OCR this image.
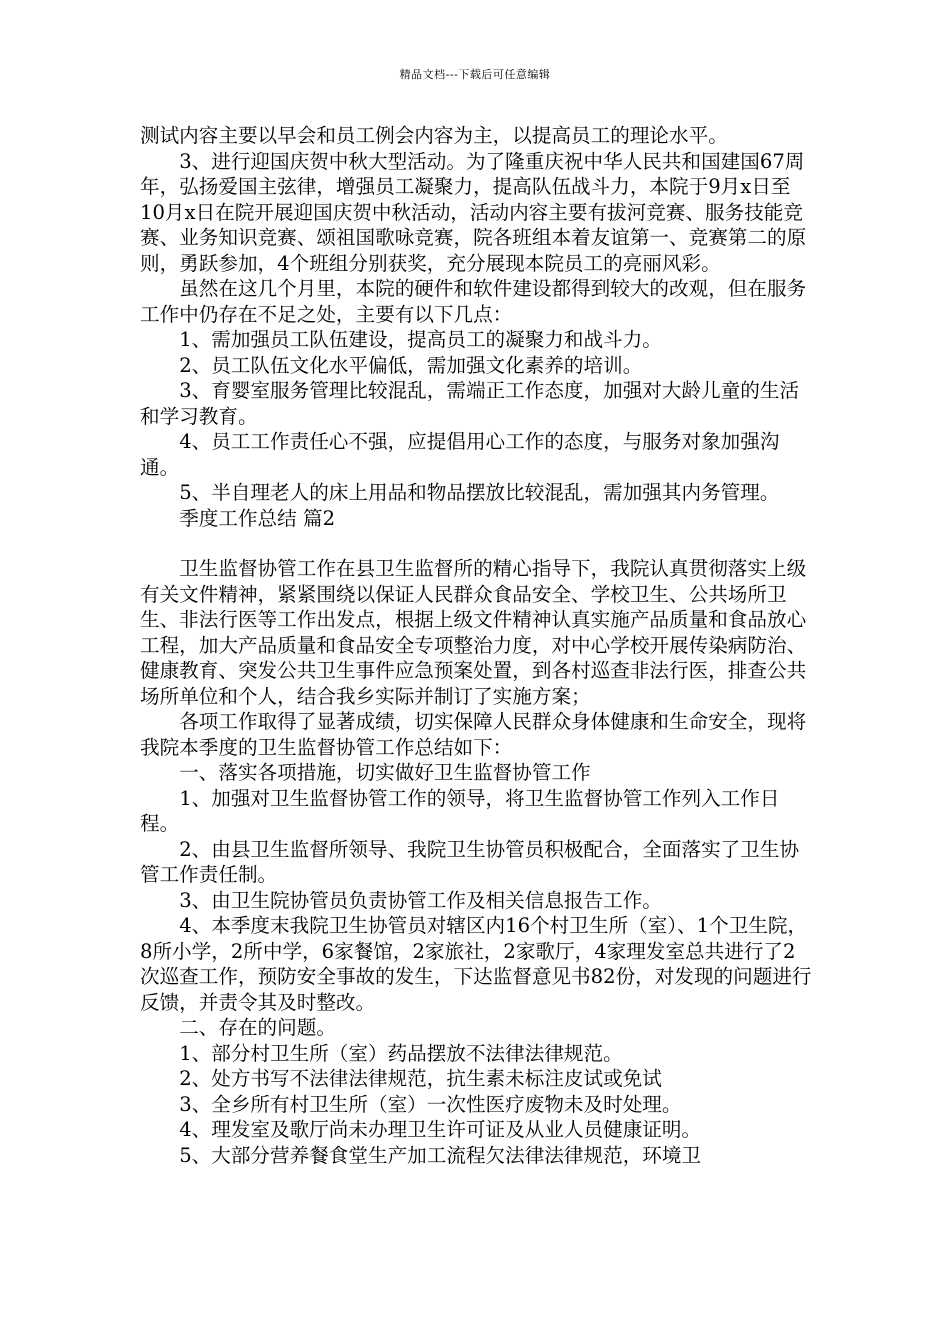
精品文档---下载后可任意编辑

测试内容主要以早会和员工例会内容为主，以提高员工的理论水平。

3、进行迎国庆贺中秋大型活动。为了隆重庆祝中华人民共和国建国67周年，弘扬爱国主弦律，增强员工凝聚力，提高队伍战斗力，本院于9月x日至10月x日在院开展迎国庆贺中秋活动，活动内容主要有拔河竞赛、服务技能竞赛、业务知识竞赛、颂祖国歌咏竞赛，院各班组本着友谊第一、竞赛第二的原则，勇跃参加，4个班组分别获奖，充分展现本院员工的亮丽风彩。

虽然在这几个月里，本院的硬件和软件建设都得到较大的改观，但在服务工作中仍存在不足之处，主要有以下几点：

1、需加强员工队伍建设，提高员工的凝聚力和战斗力。

2、员工队伍文化水平偏低，需加强文化素养的培训。

3、育婴室服务管理比较混乱，需端正工作态度，加强对大龄儿童的生活和学习教育。

4、员工工作责任心不强，应提倡用心工作的态度，与服务对象加强沟通。

5、半自理老人的床上用品和物品摆放比较混乱，需加强其内务管理。

季度工作总结 篇2

卫生监督协管工作在县卫生监督所的精心指导下，我院认真贯彻落实上级有关文件精神，紧紧围绕以保证人民群众食品安全、学校卫生、公共场所卫生、非法行医等工作出发点，根据上级文件精神认真实施产品质量和食品放心工程，加大产品质量和食品安全专项整治力度，对中心学校开展传染病防治、健康教育、突发公共卫生事件应急预案处置，到各村巡查非法行医，排查公共场所单位和个人，结合我乡实际并制订了实施方案；

各项工作取得了显著成绩，切实保障人民群众身体健康和生命安全，现将我院本季度的卫生监督协管工作总结如下：

一、落实各项措施，切实做好卫生监督协管工作

1、加强对卫生监督协管工作的领导，将卫生监督协管工作列入工作日程。

2、由县卫生监督所领导、我院卫生协管员积极配合，全面落实了卫生协管工作责任制。

3、由卫生院协管员负责协管工作及相关信息报告工作。

4、本季度末我院卫生协管员对辖区内16个村卫生所（室）、1个卫生院，8所小学，2所中学，6家餐馆，2家旅社，2家歌厅，4家理发室总共进行了2次巡查工作，预防安全事故的发生，下达监督意见书82份，对发现的问题进行反馈，并责令其及时整改。

二、存在的问题。

1、部分村卫生所（室）药品摆放不法律法律规范。

2、处方书写不法律法律规范，抗生素未标注皮试或免试

3、全乡所有村卫生所（室）一次性医疗废物未及时处理。

4、理发室及歌厅尚未办理卫生许可证及从业人员健康证明。

5、大部分营养餐食堂生产加工流程欠法律法律规范，环境卫
